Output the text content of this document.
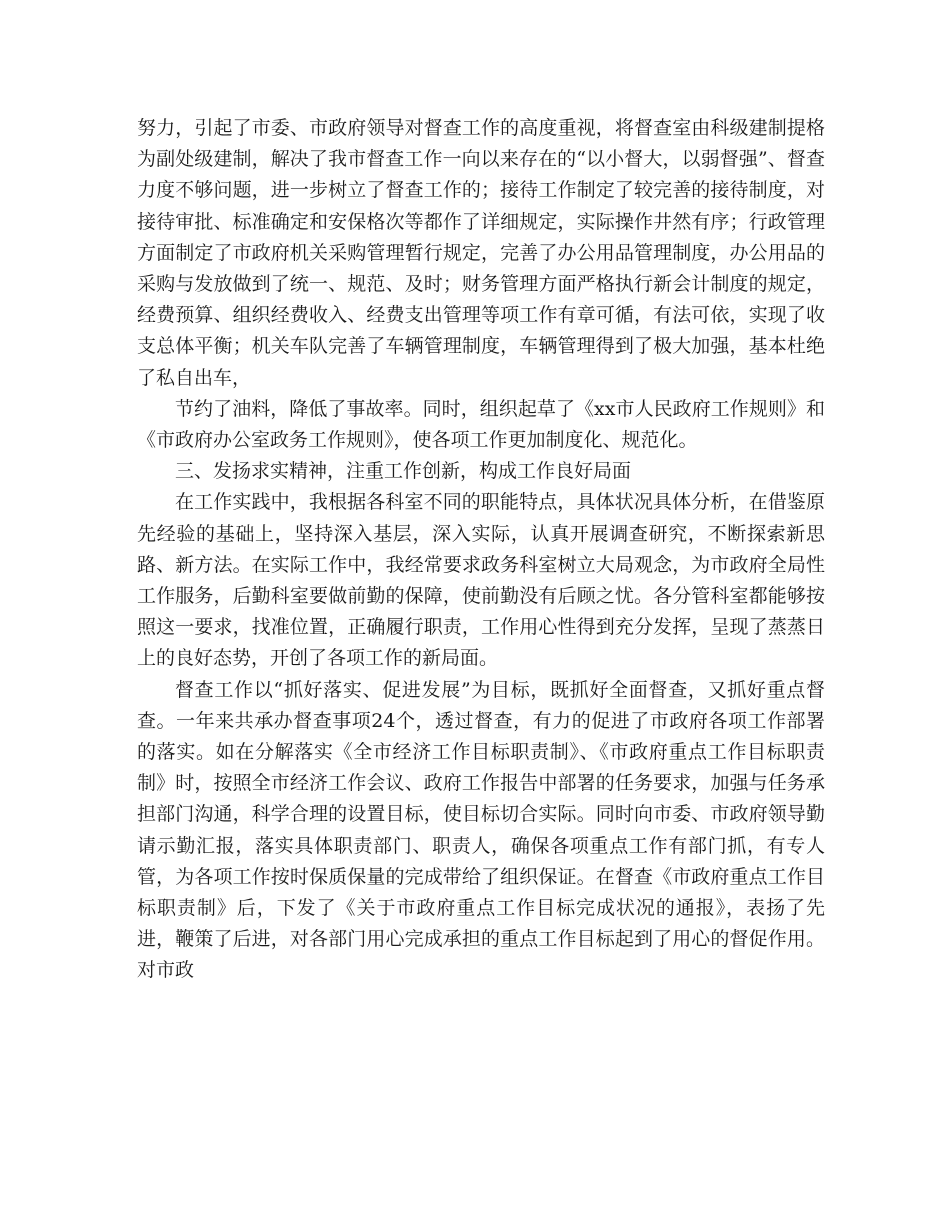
努力，引起了市委、市政府领导对督查工作的高度重视，将督查室由科级建制提格为副处级建制，解决了我市督查工作一向以来存在的“以小督大，以弱督强”、督查力度不够问题，进一步树立了督查工作的；接待工作制定了较完善的接待制度，对接待审批、标准确定和安保格次等都作了详细规定，实际操作井然有序；行政管理方面制定了市政府机关采购管理暂行规定，完善了办公用品管理制度，办公用品的采购与发放做到了统一、规范、及时；财务管理方面严格执行新会计制度的规定，经费预算、组织经费收入、经费支出管理等项工作有章可循，有法可依，实现了收支总体平衡；机关车队完善了车辆管理制度，车辆管理得到了极大加强，基本杜绝了私自出车，

节约了油料，降低了事故率。同时，组织起草了《xx市人民政府工作规则》和《市政府办公室政务工作规则》，使各项工作更加制度化、规范化。

三、发扬求实精神，注重工作创新，构成工作良好局面

在工作实践中，我根据各科室不同的职能特点，具体状况具体分析，在借鉴原先经验的基础上，坚持深入基层，深入实际，认真开展调查研究，不断探索新思路、新方法。在实际工作中，我经常要求政务科室树立大局观念，为市政府全局性工作服务，后勤科室要做前勤的保障，使前勤没有后顾之忧。各分管科室都能够按照这一要求，找准位置，正确履行职责，工作用心性得到充分发挥，呈现了蒸蒸日上的良好态势，开创了各项工作的新局面。

督查工作以“抓好落实、促进发展”为目标，既抓好全面督查，又抓好重点督查。一年来共承办督查事项24个，透过督查，有力的促进了市政府各项工作部署的落实。如在分解落实《全市经济工作目标职责制》、《市政府重点工作目标职责制》时，按照全市经济工作会议、政府工作报告中部署的任务要求，加强与任务承担部门沟通，科学合理的设置目标，使目标切合实际。同时向市委、市政府领导勤请示勤汇报，落实具体职责部门、职责人，确保各项重点工作有部门抓，有专人管，为各项工作按时保质保量的完成带给了组织保证。在督查《市政府重点工作目标职责制》后，下发了《关于市政府重点工作目标完成状况的通报》，表扬了先进，鞭策了后进，对各部门用心完成承担的重点工作目标起到了用心的督促作用。对市政
